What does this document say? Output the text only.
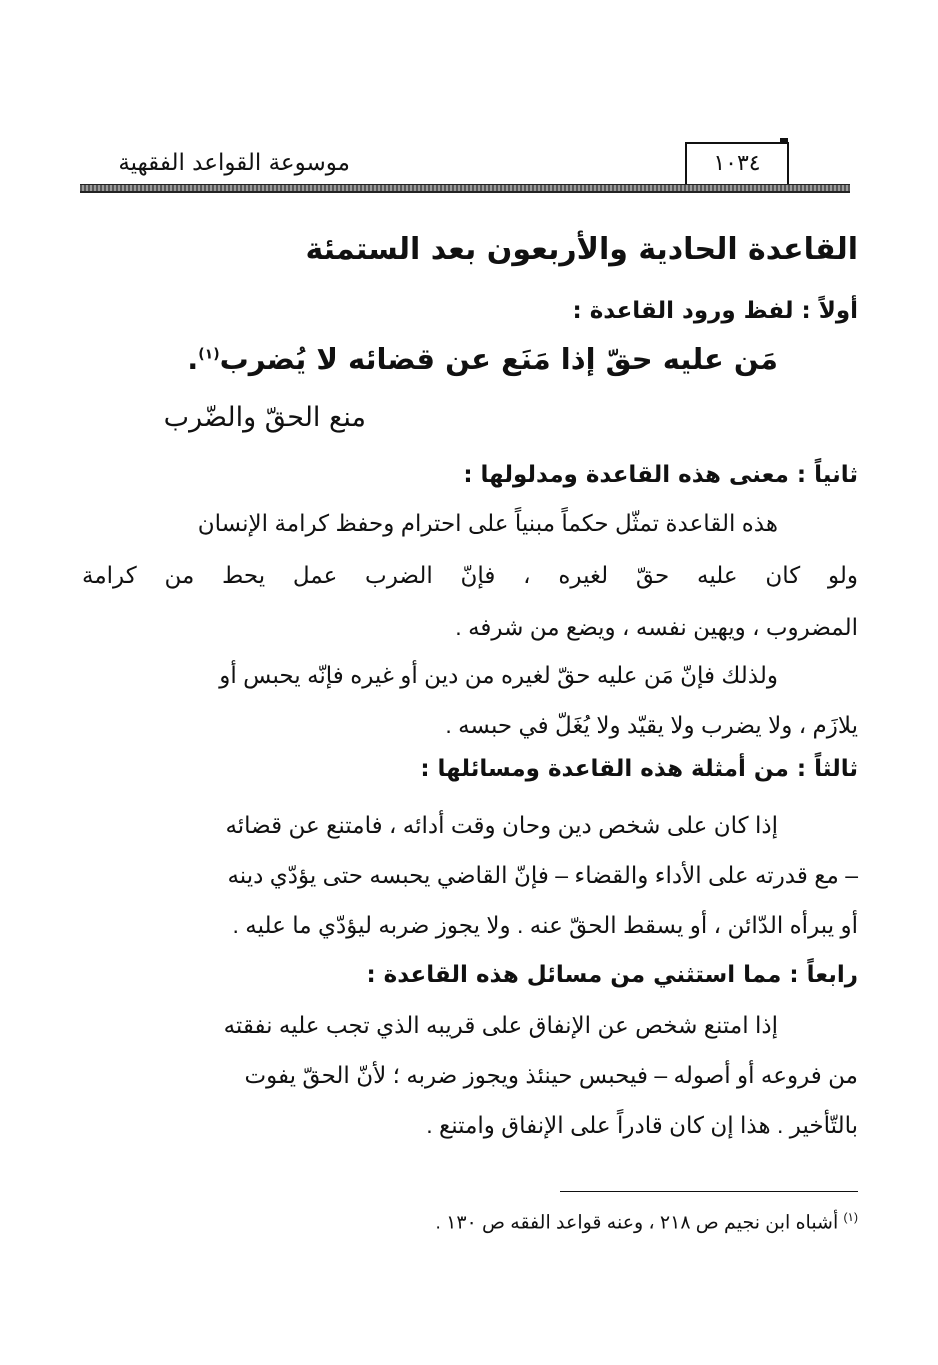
١٠٣٤
موسوعة القواعد الفقهية
القاعدة الحادية والأربعون بعد الستمئة
أولاً : لفظ ورود القاعدة :
مَن عليه حقّ إذا مَنَع عن قضائه لا يُضرب$^{(١)}$.
منع الحقّ والضّرب
ثانياً : معنى هذه القاعدة ومدلولها :
هذه القاعدة تمثّل حكماً مبنياً على احترام وحفظ كرامة الإنسان
ولو كان عليه حقّ لغيره ، فإنّ الضرب عمل يحط من كرامة
المضروب ، ويهين نفسه ، ويضع من شرفه .
ولذلك فإنّ مَن عليه حقّ لغيره من دين أو غيره فإنّه يحبس أو
يلازَم ، ولا يضرب ولا يقيّد ولا يُغَلّ في حبسه .
ثالثاً : من أمثلة هذه القاعدة ومسائلها :
إذا كان على شخص دين وحان وقت أدائه ، فامتنع عن قضائه
– مع قدرته على الأداء والقضاء – فإنّ القاضي يحبسه حتى يؤدّي دينه
أو يبرأه الدّائن ، أو يسقط الحقّ عنه . ولا يجوز ضربه ليؤدّي ما عليه .
رابعاً : مما استثني من مسائل هذه القاعدة :
إذا امتنع شخص عن الإنفاق على قريبه الذي تجب عليه نفقته
من فروعه أو أصوله – فيحبس حينئذ ويجوز ضربه ؛ لأنّ الحقّ يفوت
بالتّأخير . هذا إن كان قادراً على الإنفاق وامتنع .
$^{(١)}$ أشباه ابن نجيم ص ٢١٨ ، وعنه قواعد الفقه ص ١٣٠ .
